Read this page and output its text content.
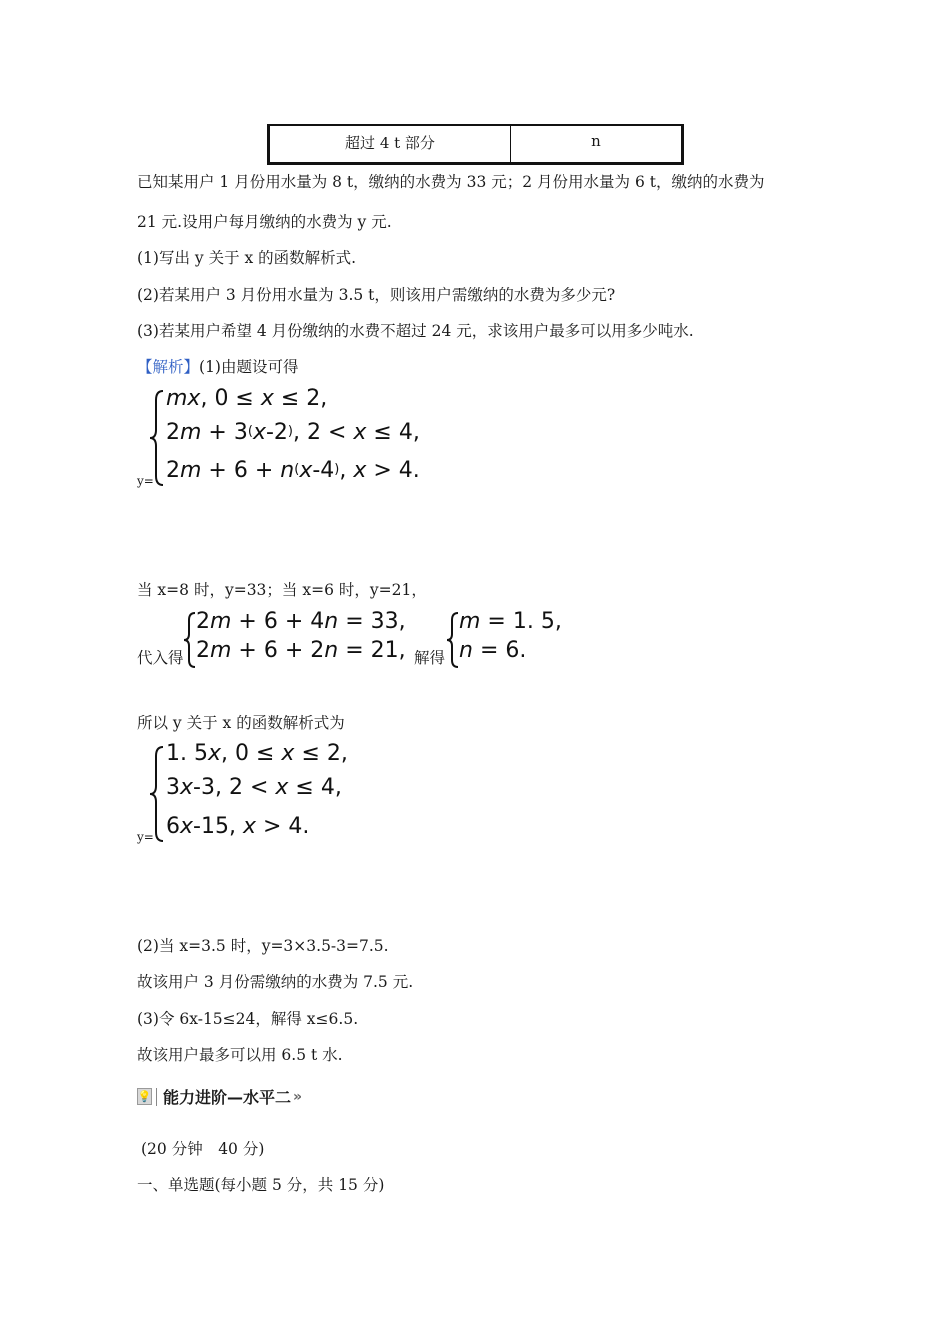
超过 4 t 部分	n
已知某用户 1 月份用水量为 8 t，缴纳的水费为 33 元；2 月份用水量为 6 t，缴纳的水费为
21 元.设用户每月缴纳的水费为 y 元.
(1)写出 y 关于 x 的函数解析式.
(2)若某用户 3 月份用水量为 3.5 t，则该用户需缴纳的水费为多少元?
(3)若某用户希望 4 月份缴纳的水费不超过 24 元，求该用户最多可以用多少吨水.
【解析】(1)由题设可得
y=
mx, 0 ≤ x ≤ 2,
2m + 3(x-2), 2 < x ≤ 4,
2m + 6 + n(x-4), x > 4.
当 x=8 时，y=33；当 x=6 时，y=21，
代入得
2m + 6 + 4n = 33,
2m + 6 + 2n = 21, 解得
m = 1. 5,
n = 6.
所以 y 关于 x 的函数解析式为
y=
1. 5x, 0 ≤ x ≤ 2,
3x-3, 2 < x ≤ 4,
6x-15, x > 4.
(2)当 x=3.5 时，y=3×3.5-3=7.5.
故该用户 3 月份需缴纳的水费为 7.5 元.
(3)令 6x-15≤24，解得 x≤6.5.
故该用户最多可以用 6.5 t 水.
💡 能力进阶—水平二 »
(20 分钟　40 分)
一、单选题(每小题 5 分，共 15 分)
